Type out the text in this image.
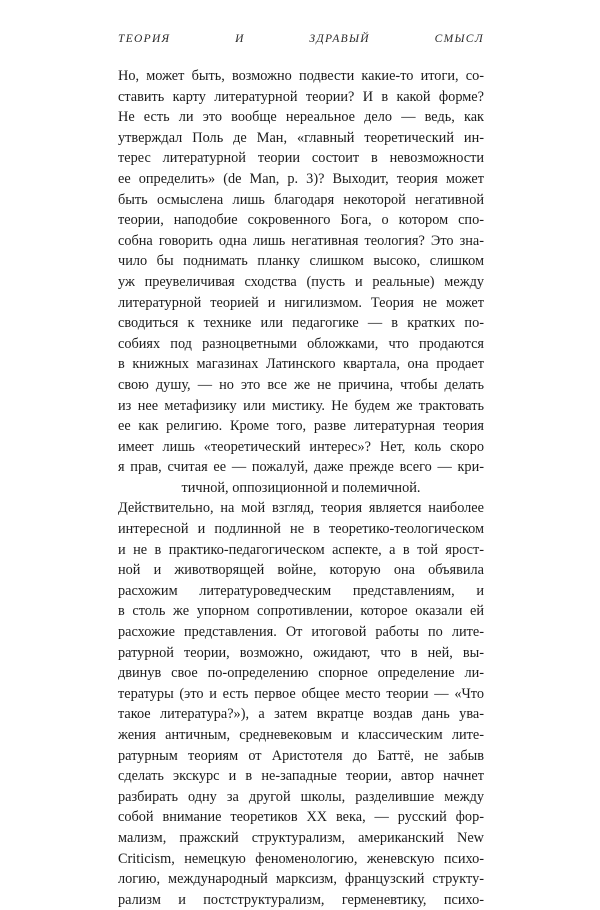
ТЕОРИЯ	И	ЗДРАВЫЙ	СМЫСЛ
Но, может быть, возможно подвести какие-то итоги, со-
ставить карту литературной теории? И в какой форме?
Не есть ли это вообще нереальное дело — ведь, как
утверждал Поль де Ман, «главный теоретический ин-
терес литературной теории состоит в невозможности
ее определить» (de Man, p. 3)? Выходит, теория может
быть осмыслена лишь благодаря некоторой негативной
теории, наподобие сокровенного Бога, о котором спо-
собна говорить одна лишь негативная теология? Это зна-
чило бы поднимать планку слишком высоко, слишком
уж преувеличивая сходства (пусть и реальные) между
литературной теорией и нигилизмом. Теория не может
сводиться к технике или педагогике — в кратких по-
собиях под разноцветными обложками, что продаются
в книжных магазинах Латинского квартала, она продает
свою душу, — но это все же не причина, чтобы делать
из нее метафизику или мистику. Не будем же трактовать
ее как религию. Кроме того, разве литературная теория
имеет лишь «теоретический интерес»? Нет, коль скоро
я прав, считая ее — пожалуй, даже прежде всего — кри-
тичной, оппозиционной и полемичной.
Действительно, на мой взгляд, теория является наиболее
интересной и подлинной не в теоретико-теологическом
и не в практико-педагогическом аспекте, а в той ярост-
ной и животворящей войне, которую она объявила
расхожим литературоведческим представлениям, и
в столь же упорном сопротивлении, которое оказали ей
расхожие представления. От итоговой работы по лите-
ратурной теории, возможно, ожидают, что в ней, вы-
двинув свое по-определению спорное определение ли-
тературы (это и есть первое общее место теории — «Что
такое литература?»), а затем вкратце воздав дань ува-
жения античным, средневековым и классическим лите-
ратурным теориям от Аристотеля до Баттё, не забыв
сделать экскурс и в не-западные теории, автор начнет
разбирать одну за другой школы, разделившие между
собой внимание теоретиков XX века, — русский фор-
мализм, пражский структурализм, американский New
Criticism, немецкую феноменологию, женевскую психо-
логию, международный марксизм, французский структу-
рализм и постструктурализм, герменевтику, психо-
